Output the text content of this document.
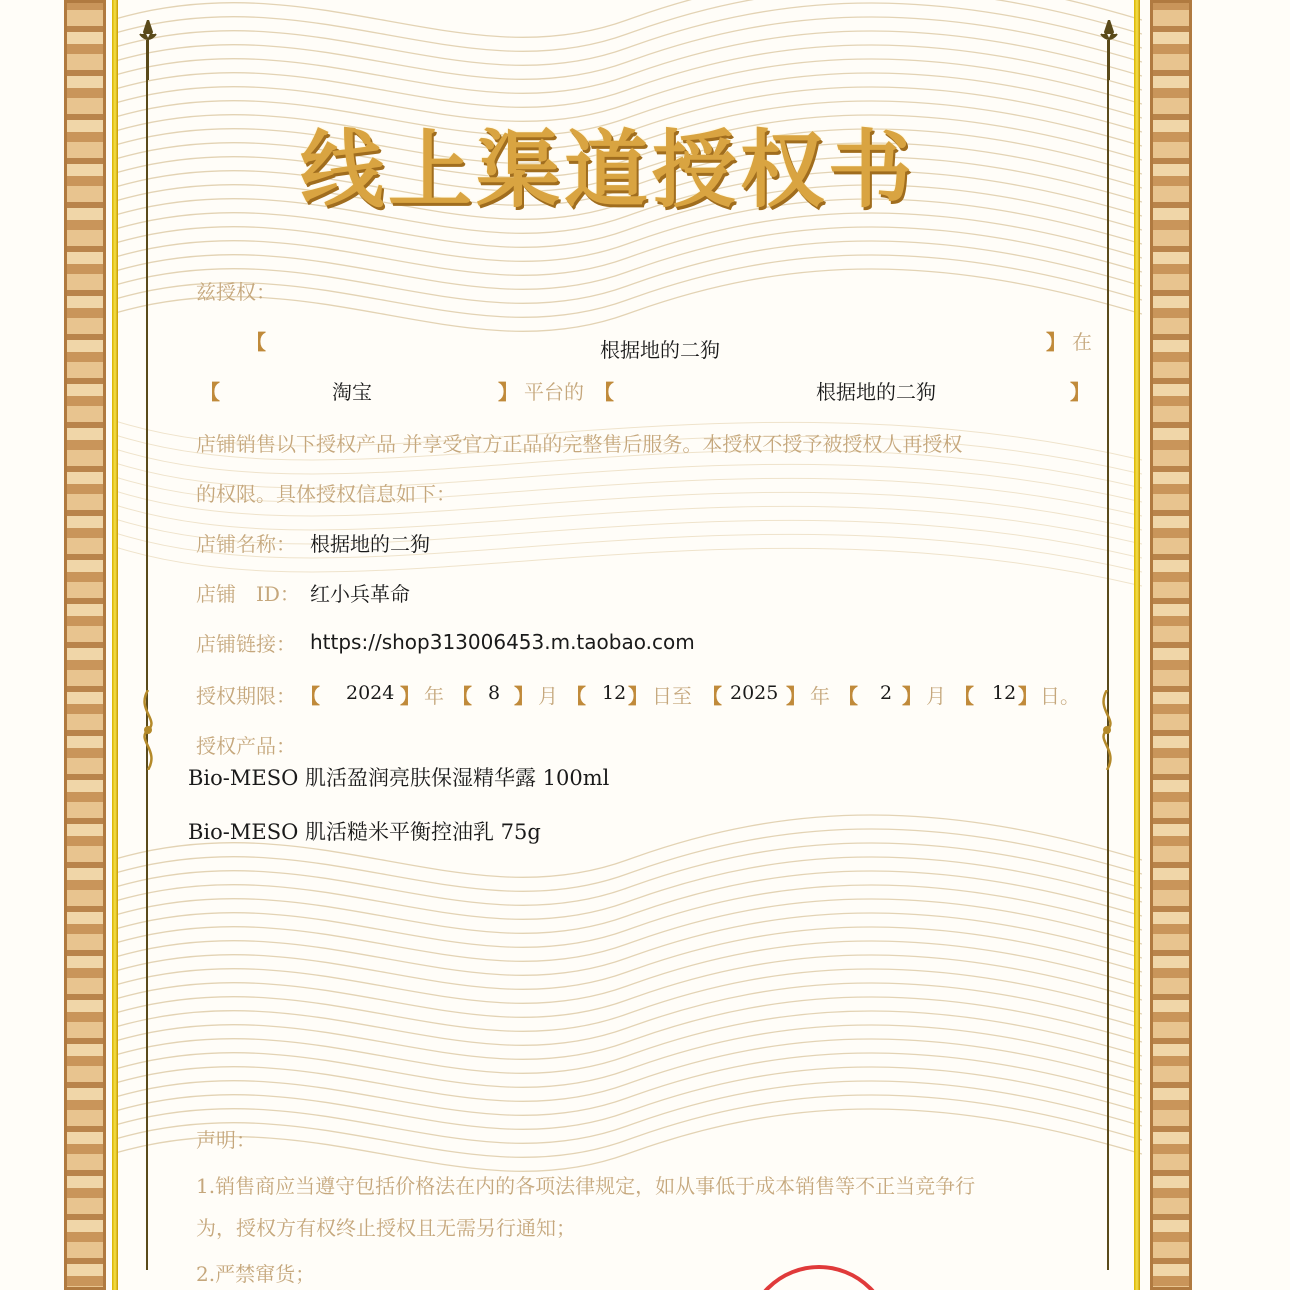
线上渠道授权书
兹授权：
【	根据地的二狗	】 在
【	淘宝	】 平台的 【	根据地的二狗	】
店铺销售以下授权产品 并享受官方正品的完整售后服务。本授权不授予被授权人再授权
的权限。具体授权信息如下：
店铺名称： 根据地的二狗
店铺　ID： 红小兵革命
店铺链接： https://shop313006453.m.taobao.com
授权期限： 【 2024 】 年 【 8 】 月 【 12 】 日至 【 2025 】 年 【 2 】 月 【 12 】 日。
授权产品：
Bio-MESO 肌活盈润亮肤保湿精华露 100ml
Bio-MESO 肌活糙米平衡控油乳 75g
声明：
1.销售商应当遵守包括价格法在内的各项法律规定，如从事低于成本销售等不正当竞争行
为，授权方有权终止授权且无需另行通知；
2.严禁窜货；
